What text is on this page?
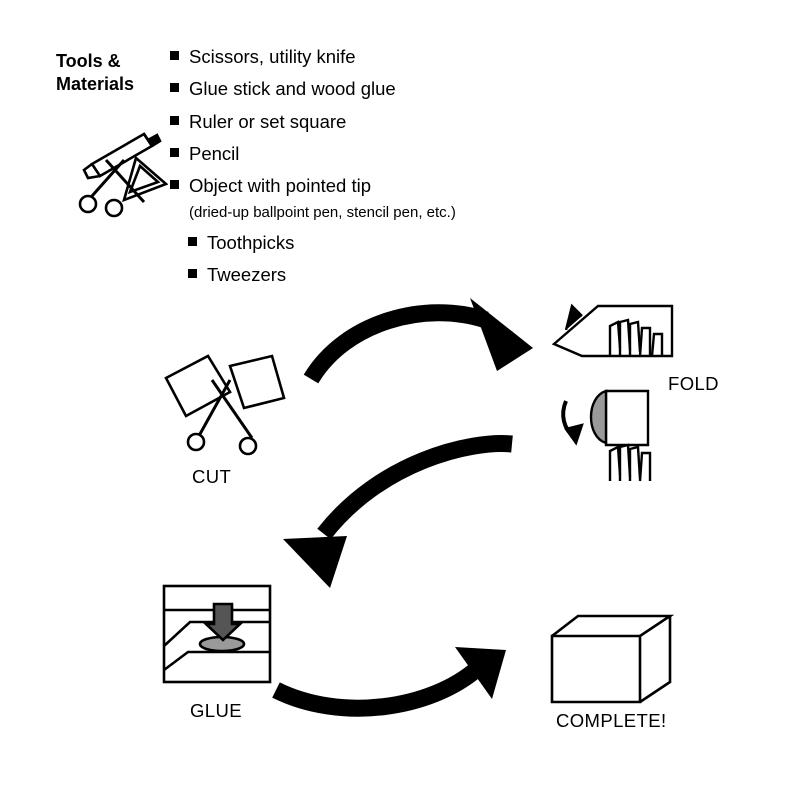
Tools &
Materials
Scissors, utility knife
Glue stick and wood glue
Ruler or set square
Pencil
Object with pointed tip
(dried-up ballpoint pen, stencil pen, etc.)
Toothpicks
Tweezers
CUT
FOLD
GLUE	COMPLETE!
